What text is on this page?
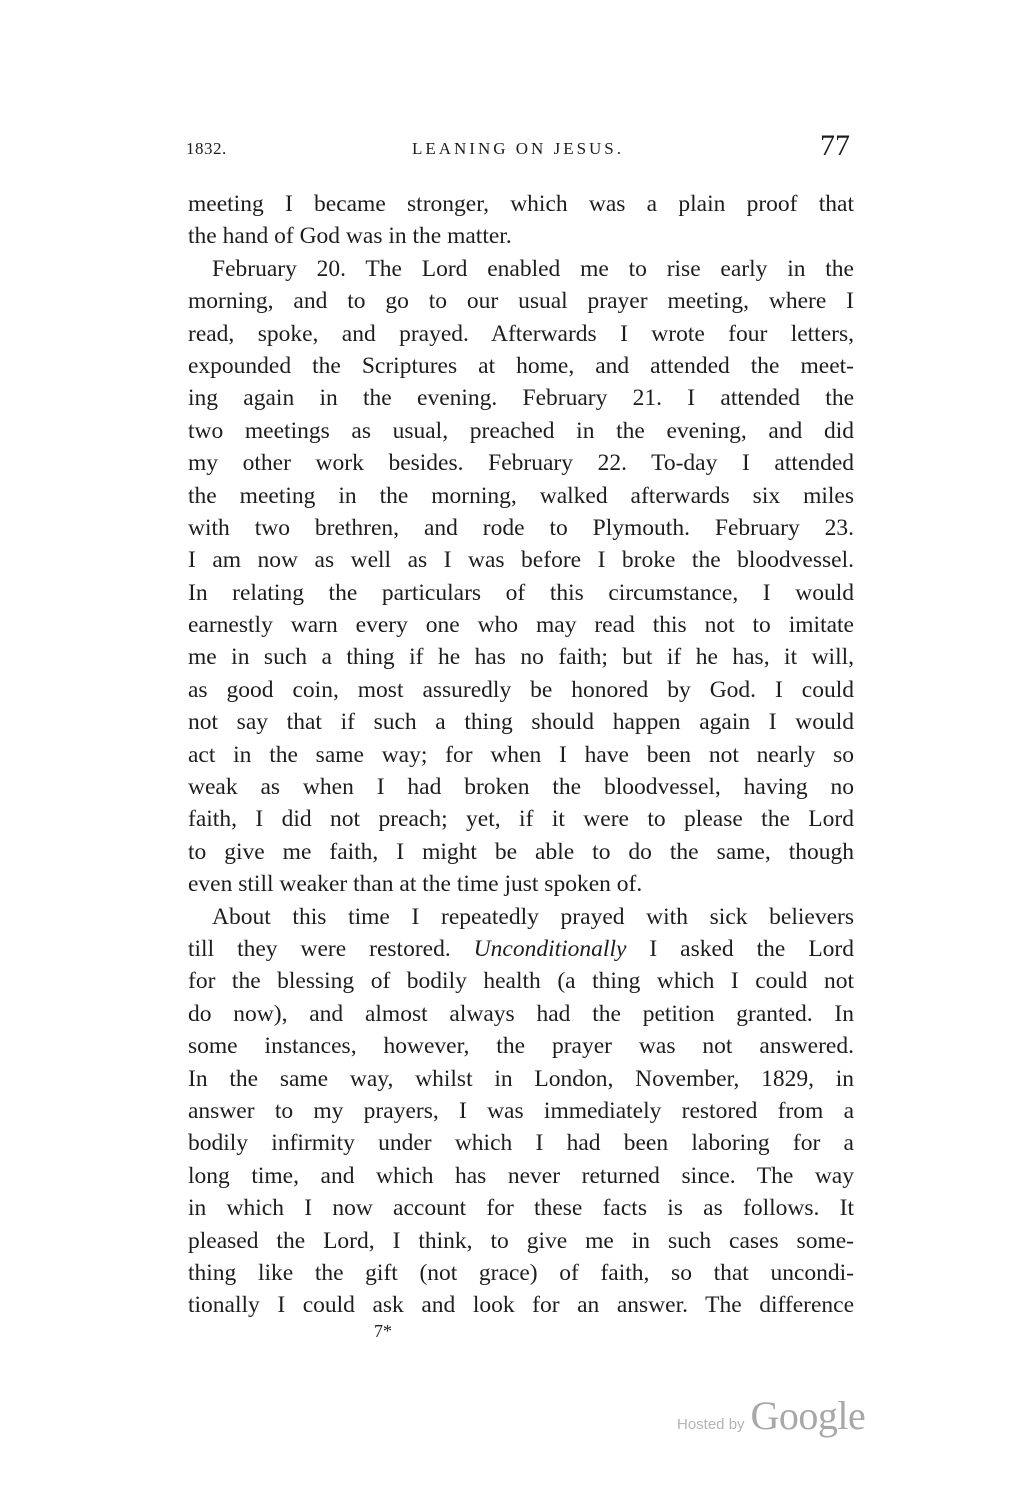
1832.	LEANING ON JESUS.	77

meeting I became stronger, which was a plain proof that

the hand of God was in the matter.

February 20. The Lord enabled me to rise early in the

morning, and to go to our usual prayer meeting, where I

read, spoke, and prayed. Afterwards I wrote four letters,

expounded the Scriptures at home, and attended the meet-

ing again in the evening. February 21. I attended the

two meetings as usual, preached in the evening, and did

my other work besides. February 22. To-day I attended

the meeting in the morning, walked afterwards six miles

with two brethren, and rode to Plymouth. February 23.

I am now as well as I was before I broke the bloodvessel.

In relating the particulars of this circumstance, I would

earnestly warn every one who may read this not to imitate

me in such a thing if he has no faith; but if he has, it will,

as good coin, most assuredly be honored by God. I could

not say that if such a thing should happen again I would

act in the same way; for when I have been not nearly so

weak as when I had broken the bloodvessel, having no

faith, I did not preach; yet, if it were to please the Lord

to give me faith, I might be able to do the same, though

even still weaker than at the time just spoken of.

About this time I repeatedly prayed with sick believers

till they were restored. Unconditionally I asked the Lord

for the blessing of bodily health (a thing which I could not

do now), and almost always had the petition granted. In

some instances, however, the prayer was not answered.

In the same way, whilst in London, November, 1829, in

answer to my prayers, I was immediately restored from a

bodily infirmity under which I had been laboring for a

long time, and which has never returned since. The way

in which I now account for these facts is as follows. It

pleased the Lord, I think, to give me in such cases some-

thing like the gift (not grace) of faith, so that uncondi-

tionally I could ask and look for an answer. The difference

7*
Hosted by Google
